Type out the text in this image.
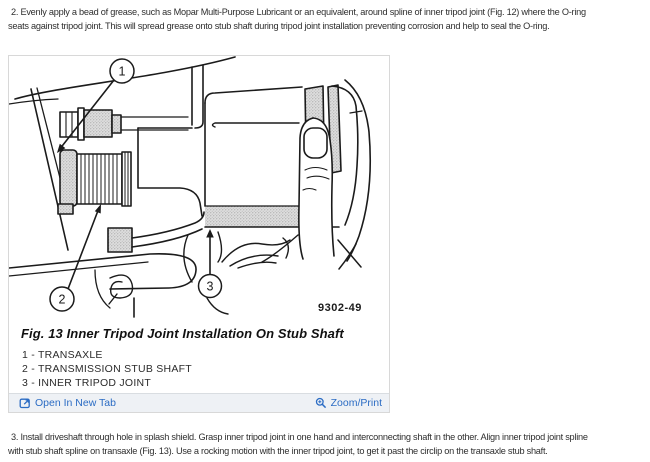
2. Evenly apply a bead of grease, such as Mopar Multi-Purpose Lubricant or an equivalent, around spline of inner tripod joint (Fig. 12) where the O-ring
seats against tripod joint. This will spread grease onto stub shaft during tripod joint installation preventing corrosion and help to seal the O-ring.

1
2
3
9302-49
Fig. 13 Inner Tripod Joint Installation On Stub Shaft
1 - TRANSAXLE
2 - TRANSMISSION STUB SHAFT
3 - INNER TRIPOD JOINT
Open In New Tab	Zoom/Print

3. Install driveshaft through hole in splash shield. Grasp inner tripod joint in one hand and interconnecting shaft in the other. Align inner tripod joint spline
with stub shaft spline on transaxle (Fig. 13). Use a rocking motion with the inner tripod joint, to get it past the circlip on the transaxle stub shaft.
